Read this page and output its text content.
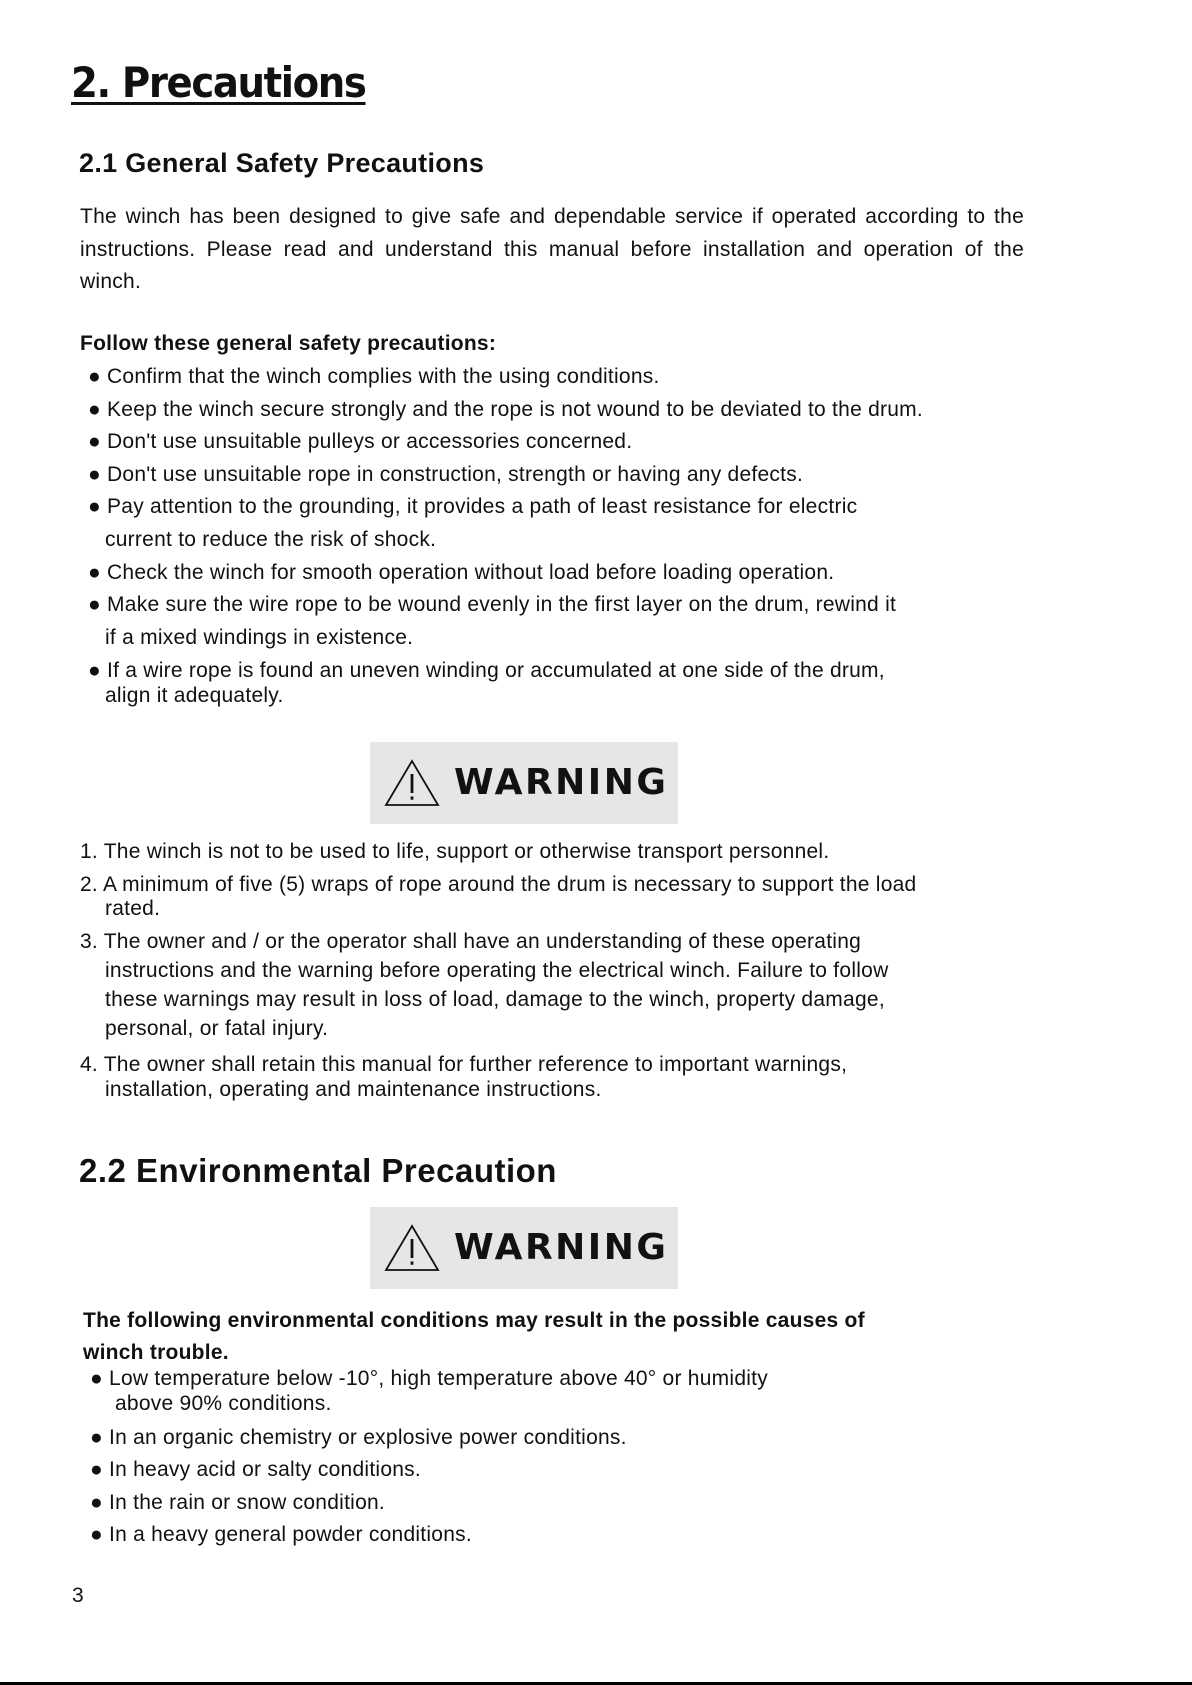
2. Precautions
2.1 General Safety Precautions
The winch has been designed to give safe and dependable service if operated according to the instructions. Please read and understand this manual before installation and operation of the winch.
Follow these general safety precautions:
● Confirm that the winch complies with the using conditions.
● Keep the winch secure strongly and the rope is not wound to be deviated to the drum.
● Don't use unsuitable pulleys or accessories concerned.
● Don't use unsuitable rope in construction, strength or having any defects.
● Pay attention to the grounding, it provides a path of least resistance for electric
current to reduce the risk of shock.
● Check the winch for smooth operation without load before loading operation.
● Make sure the wire rope to be wound evenly in the first layer on the drum, rewind it
if a mixed windings in existence.
● If a wire rope is found an uneven winding or accumulated at one side of the drum,
align it adequately.
WARNING
1. The winch is not to be used to life, support or otherwise transport personnel.
2. A minimum of five (5) wraps of rope around the drum is necessary to support the load
rated.
3. The owner and / or the operator shall have an understanding of these operating
instructions and the warning before operating the electrical winch. Failure to follow
these warnings may result in loss of load, damage to the winch, property damage,
personal, or fatal injury.
4. The owner shall retain this manual for further reference to important warnings,
installation, operating and maintenance instructions.
2.2 Environmental Precaution
WARNING
The following environmental conditions may result in the possible causes of
winch trouble.
● Low temperature below -10°, high temperature above 40° or humidity
above 90% conditions.
● In an organic chemistry or explosive power conditions.
● In heavy acid or salty conditions.
● In the rain or snow condition.
● In a heavy general powder conditions.
3
